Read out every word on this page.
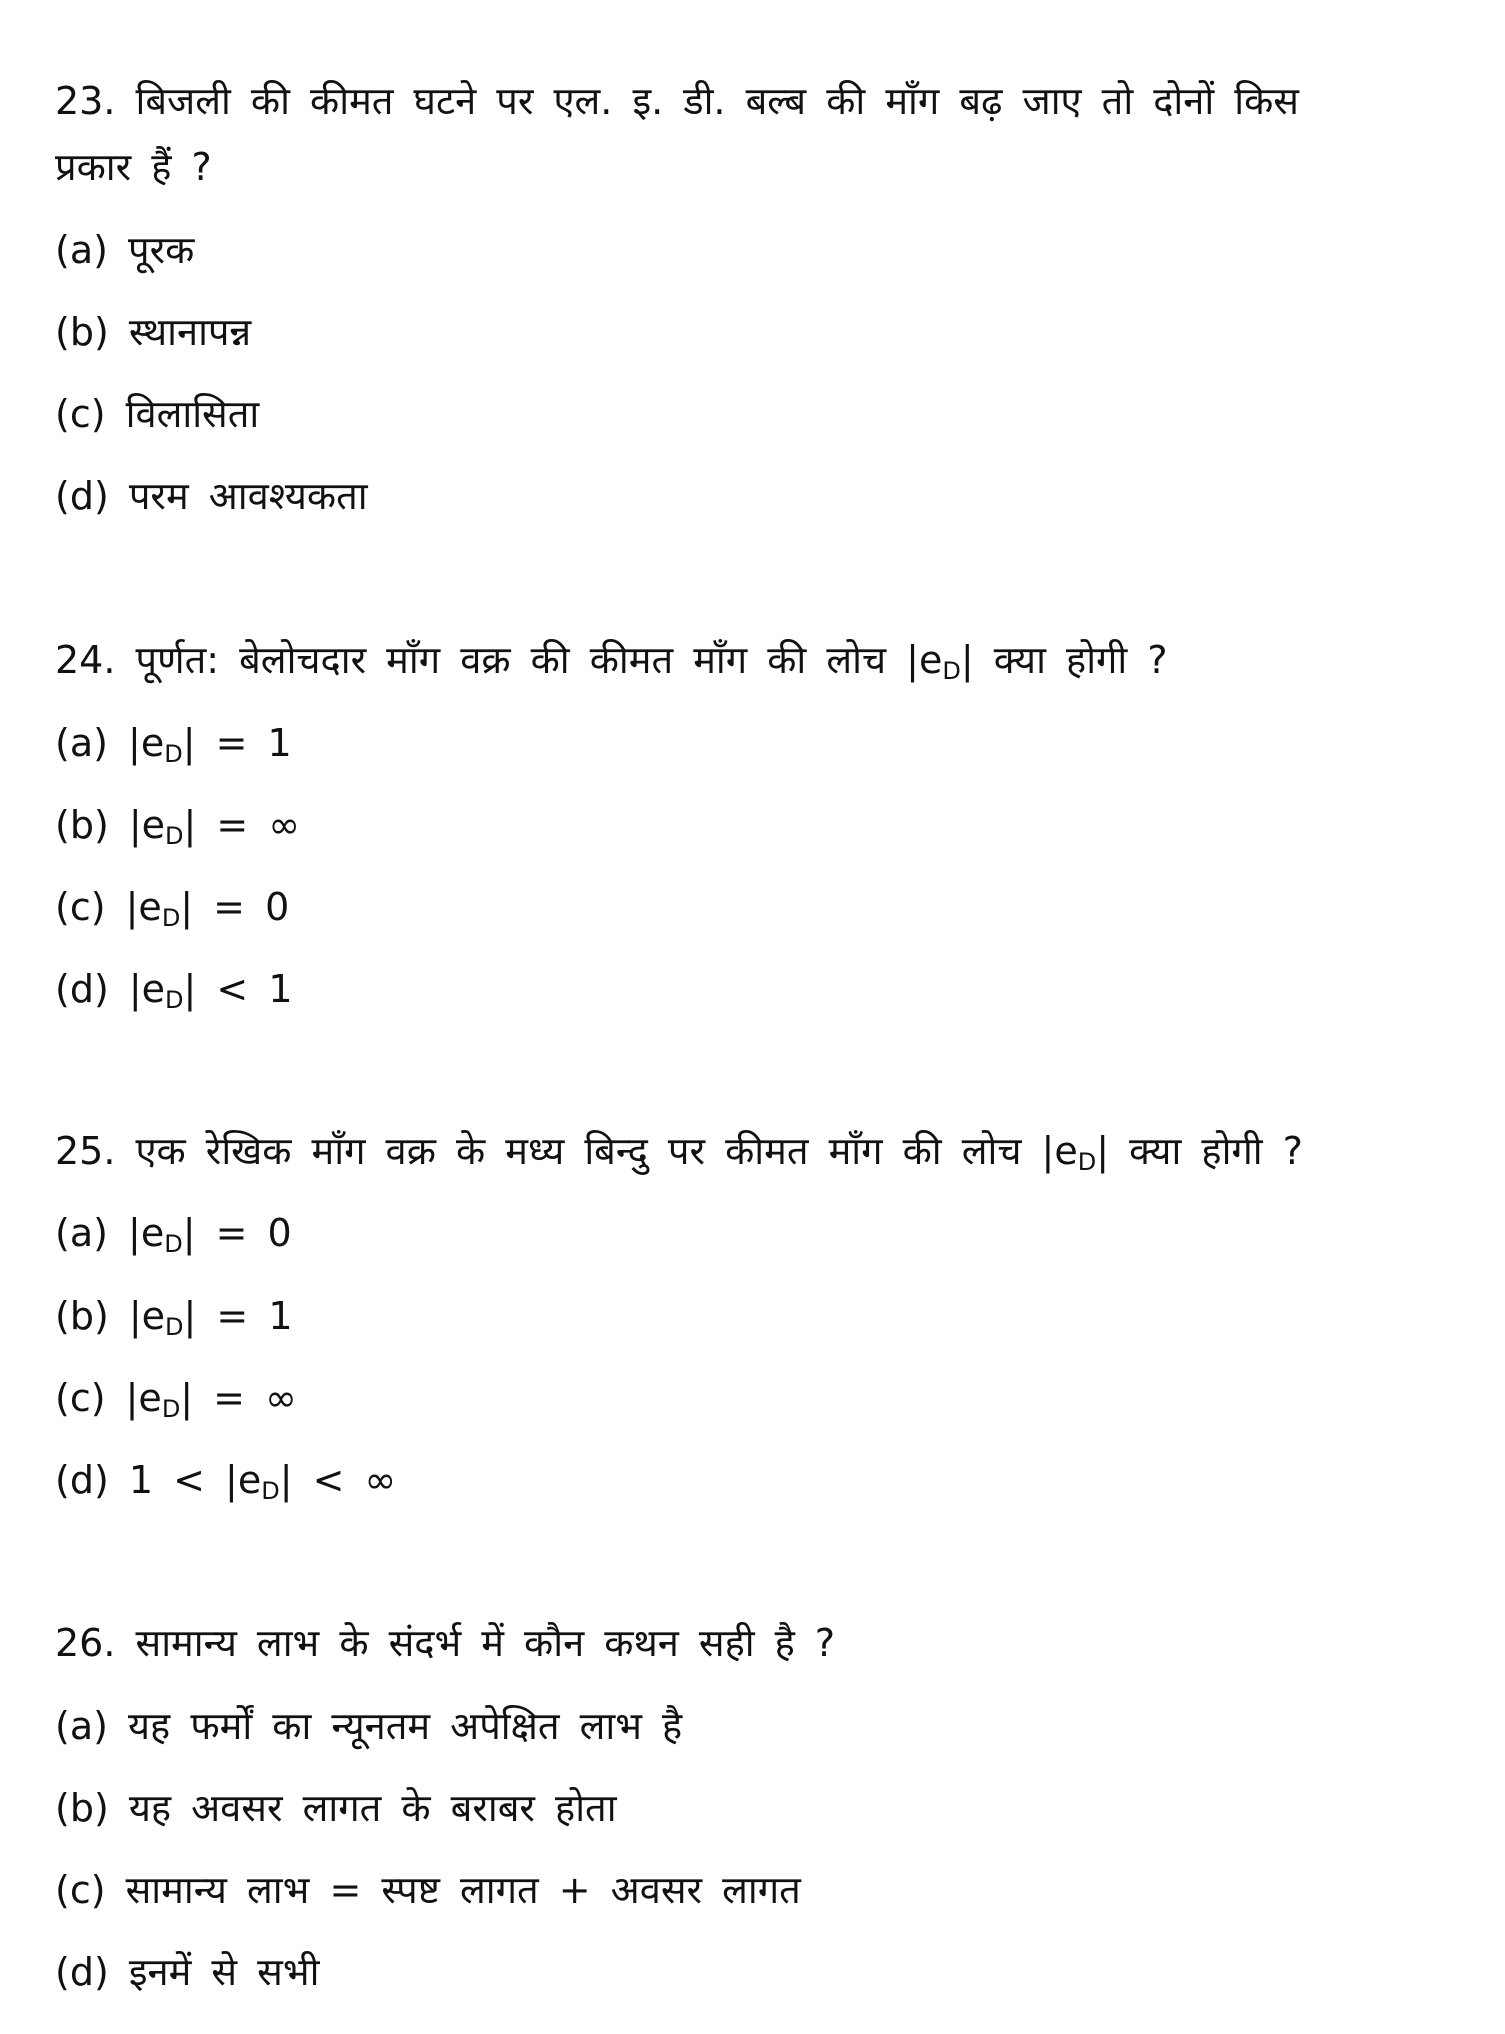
23. बिजली की कीमत घटने पर एल. इ. डी. बल्ब की माँग बढ़ जाए तो दोनों किस
प्रकार हैं ?
(a) पूरक
(b) स्थानापन्न
(c) विलासिता
(d) परम आवश्यकता
24. पूर्णत: बेलोचदार माँग वक्र की कीमत माँग की लोच $|e_D|$ क्या होगी ?
(a) $|e_D| = 1$
(b) $|e_D|$ = ∞
(c) $|e_D| = 0$
(d) $|e_D| < 1$
25. एक रेखिक माँग वक्र के मध्य बिन्दु पर कीमत माँग की लोच $|e_D|$ क्या होगी ?
(a) $|e_D| = 0$
(b) $|e_D| = 1$
(c) $|e_D|$ = ∞
(d) $1 < |e_D|$ < ∞
26. सामान्य लाभ के संदर्भ में कौन कथन सही है ?
(a) यह फर्मों का न्यूनतम अपेक्षित लाभ है
(b) यह अवसर लागत के बराबर होता
(c) सामान्य लाभ = स्पष्ट लागत + अवसर लागत
(d) इनमें से सभी
